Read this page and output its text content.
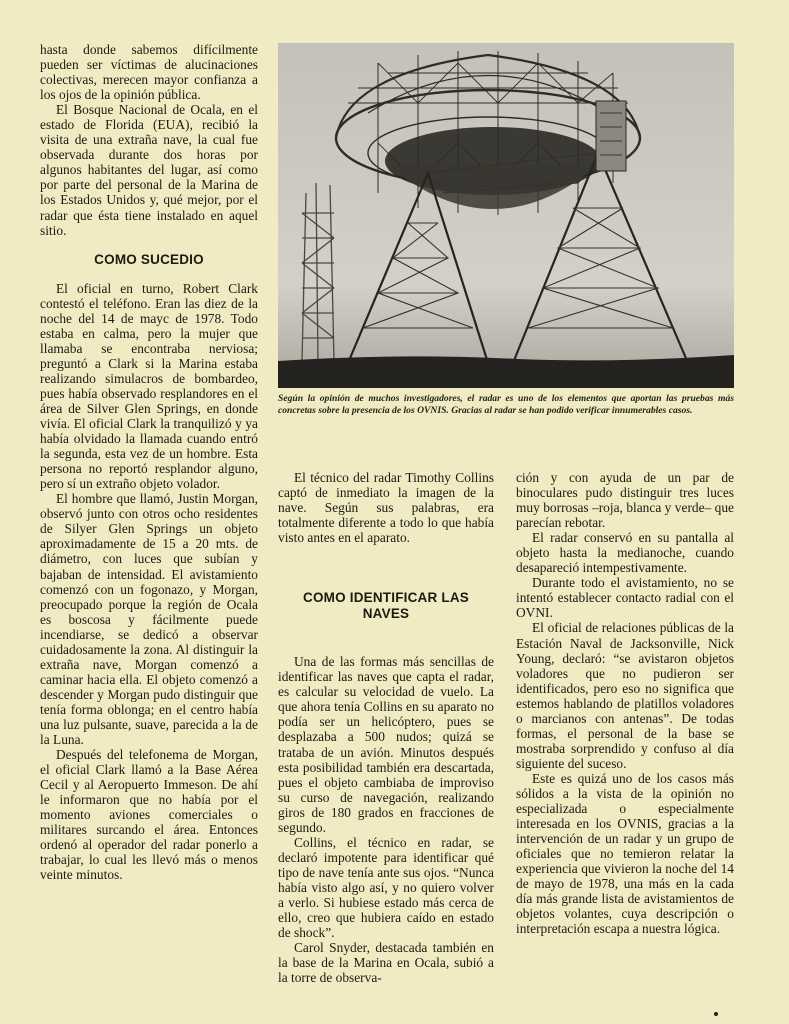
hasta donde sabemos difícilmente pueden ser víctimas de alucinaciones colectivas, merecen mayor confianza a los ojos de la opinión pública.

El Bosque Nacional de Ocala, en el estado de Florida (EUA), recibió la visita de una extraña nave, la cual fue observada durante dos horas por algunos habitantes del lugar, así como por parte del personal de la Marina de los Estados Unidos y, qué mejor, por el radar que ésta tiene instalado en aquel sitio.

COMO SUCEDIO

El oficial en turno, Robert Clark contestó el teléfono. Eran las diez de la noche del 14 de mayc de 1978. Todo estaba en calma, pero la mujer que llamaba se encontraba nerviosa; preguntó a Clark si la Marina estaba realizando simulacros de bombardeo, pues había observado resplandores en el área de Silver Glen Springs, en donde vivía. El oficial Clark la tranquilizó y ya había olvidado la llamada cuando entró la segunda, esta vez de un hombre. Esta persona no reportó resplandor alguno, pero sí un extraño objeto volador.

El hombre que llamó, Justin Morgan, observó junto con otros ocho residentes de Silyer Glen Springs un objeto aproximadamente de 15 a 20 mts. de diámetro, con luces que subían y bajaban de intensidad. El avistamiento comenzó con un fogonazo, y Morgan, preocupado porque la región de Ocala es boscosa y fácilmente puede incendiarse, se dedicó a observar cuidadosamente la zona. Al distinguir la extraña nave, Morgan comenzó a caminar hacia ella. El objeto comenzó a descender y Morgan pudo distinguir que tenía forma oblonga; en el centro había una luz pulsante, suave, parecida a la de la Luna.

Después del telefonema de Morgan, el oficial Clark llamó a la Base Aérea Cecil y al Aeropuerto Immeson. De ahí le informaron que no había por el momento aviones comerciales o militares surcando el área. Entonces ordenó al operador del radar ponerlo a trabajar, lo cual les llevó más o menos veinte minutos.

Según la opinión de muchos investigadores, el radar es uno de los elementos que aportan las pruebas más concretas sobre la presencia de los OVNIS. Gracias al radar se han podido verificar innumerables casos.

El técnico del radar Timothy Collins captó de inmediato la imagen de la nave. Según sus palabras, era totalmente diferente a todo lo que había visto antes en el aparato.

COMO IDENTIFICAR LAS NAVES

Una de las formas más sencillas de identificar las naves que capta el radar, es calcular su velocidad de vuelo. La que ahora tenía Collins en su aparato no podía ser un helicóptero, pues se desplazaba a 500 nudos; quizá se trataba de un avión. Minutos después esta posibilidad también era descartada, pues el objeto cambiaba de improviso su curso de navegación, realizando giros de 180 grados en fracciones de segundo.

Collins, el técnico en radar, se declaró impotente para identificar qué tipo de nave tenía ante sus ojos. “Nunca había visto algo así, y no quiero volver a verlo. Si hubiese estado más cerca de ello, creo que hubiera caído en estado de shock”.

Carol Snyder, destacada también en la base de la Marina en Ocala, subió a la torre de observa-

ción y con ayuda de un par de binoculares pudo distinguir tres luces muy borrosas –roja, blanca y verde– que parecían rebotar.

El radar conservó en su pantalla al objeto hasta la medianoche, cuando desapareció intempestivamente.

Durante todo el avistamiento, no se intentó establecer contacto radial con el OVNI.

El oficial de relaciones públicas de la Estación Naval de Jacksonville, Nick Young, declaró: “se avistaron objetos voladores que no pudieron ser identificados, pero eso no significa que estemos hablando de platillos voladores o marcianos con antenas”. De todas formas, el personal de la base se mostraba sorprendido y confuso al día siguiente del suceso.

Este es quizá uno de los casos más sólidos a la vista de la opinión no especializada o especialmente interesada en los OVNIS, gracias a la intervención de un radar y un grupo de oficiales que no temieron relatar la experiencia que vivieron la noche del 14 de mayo de 1978, una más en la cada día más grande lista de avistamientos de objetos volantes, cuya descripción o interpretación escapa a nuestra lógica.
